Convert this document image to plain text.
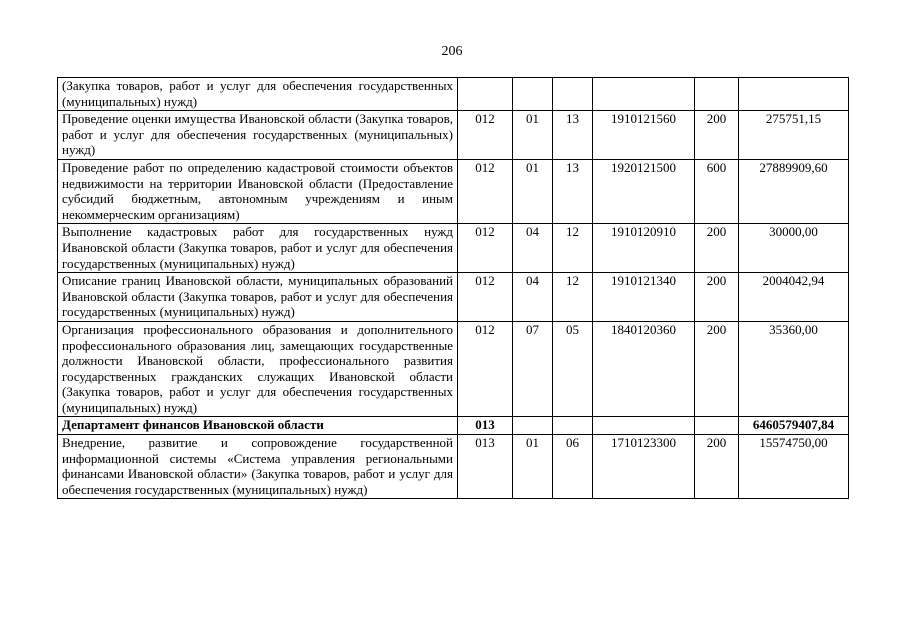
206
(Закупка товаров, работ и услуг для обеспечения государственных (муниципальных) нужд)						
Проведение оценки имущества Ивановской области (Закупка товаров, работ и услуг для обеспечения государственных (муниципальных) нужд)	012	01	13	1910121560	200	275751,15
Проведение работ по определению кадастровой стоимости объектов недвижимости на территории Ивановской области (Предоставление субсидий бюджетным, автономным учреждениям и иным некоммерческим организациям)	012	01	13	1920121500	600	27889909,60
Выполнение кадастровых работ для государственных нужд Ивановской области (Закупка товаров, работ и услуг для обеспечения государственных (муниципальных) нужд)	012	04	12	1910120910	200	30000,00
Описание границ Ивановской области, муниципальных образований Ивановской области (Закупка товаров, работ и услуг для обеспечения государственных (муниципальных) нужд)	012	04	12	1910121340	200	2004042,94
Организация профессионального образования и дополнительного профессионального образования лиц, замещающих государственные должности Ивановской области, профессионального развития государственных гражданских служащих Ивановской области (Закупка товаров, работ и услуг для обеспечения государственных (муниципальных) нужд)	012	07	05	1840120360	200	35360,00
Департамент финансов Ивановской области	013					6460579407,84
Внедрение, развитие и сопровождение государственной информационной системы «Система управления региональными финансами Ивановской области» (Закупка товаров, работ и услуг для обеспечения государственных (муниципальных) нужд)	013	01	06	1710123300	200	15574750,00
